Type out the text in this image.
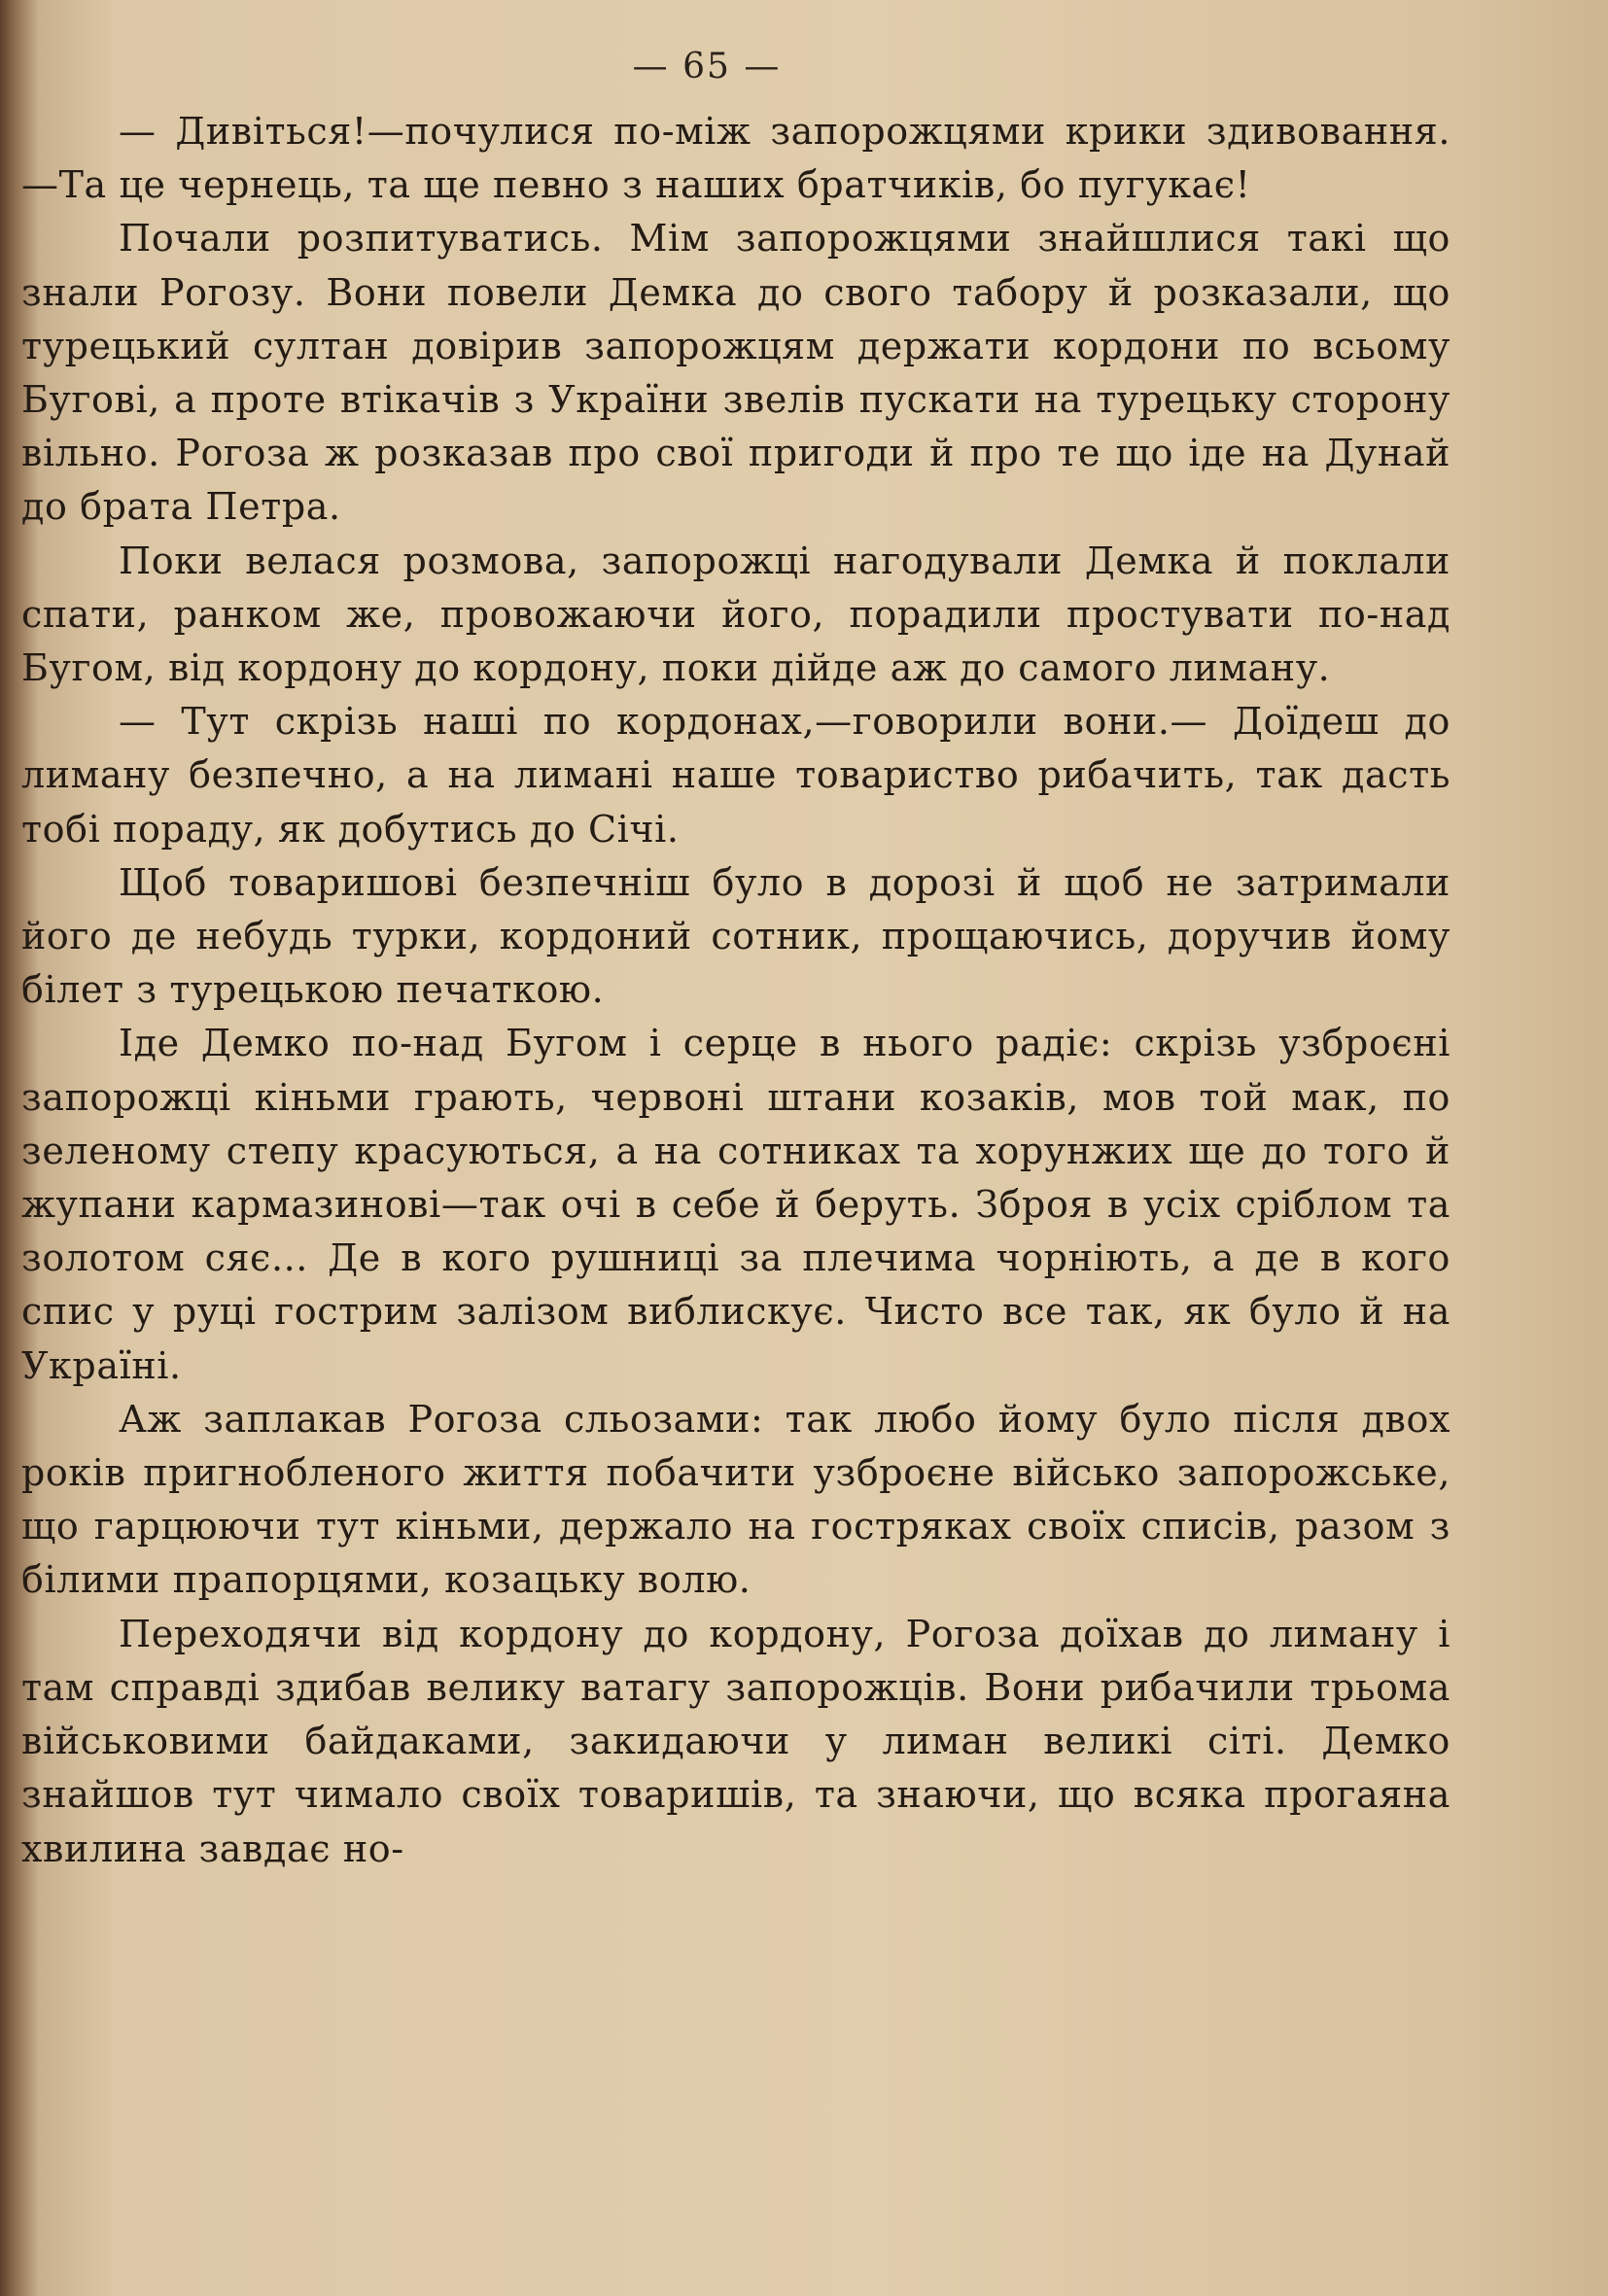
— 65 —

— Дивіться!—почулися по-між запорожцями крики здивовання.—Та це чернець, та ще певно з наших братчиків, бо пугукає!

Почали розпитуватись. Мім запорожцями знайшлися такі що знали Рогозу. Вони повели Демка до свого табору й розказали, що турецький султан довірив запорожцям держати кордони по всьому Бугові, а проте втікачів з України звелів пускати на турецьку сторону вільно. Рогоза ж розказав про свої пригоди й про те що іде на Дунай до брата Петра.

Поки велася розмова, запорожці нагодували Демка й поклали спати, ранком же, провожаючи його, порадили простувати по-над Бугом, від кордону до кордону, поки дійде аж до самого лиману.

— Тут скрізь наші по кордонах,—говорили вони.— Доїдеш до лиману безпечно, а на лимані наше товариство рибачить, так дасть тобі пораду, як добутись до Січі.

Щоб товаришові безпечніш було в дорозі й щоб не затримали його де небудь турки, кордоний сотник, прощаючись, доручив йому білет з турецькою печаткою.

Іде Демко по-над Бугом і серце в нього радіє: скрізь узброєні запорожці кіньми грають, червоні штани козаків, мов той мак, по зеленому степу красуються, а на сотниках та хорунжих ще до того й жупани кармазинові—так очі в себе й беруть. Зброя в усіх сріблом та золотом сяє... Де в кого рушниці за плечима чорніють, а де в кого спис у руці гострим залізом виблискує. Чисто все так, як було й на Україні.

Аж заплакав Рогоза сльозами: так любо йому було після двох років пригнобленого життя побачити узброєне військо запорожське, що гарцюючи тут кіньми, держало на гостряках своїх списів, разом з білими прапорцями, козацьку волю.

Переходячи від кордону до кордону, Рогоза доїхав до лиману і там справді здибав велику ватагу запорожців. Вони рибачили трьома військовими байдаками, закидаючи у лиман великі сіті. Демко знайшов тут чимало своїх товаришів, та знаючи, що всяка прогаяна хвилина завдає но-
